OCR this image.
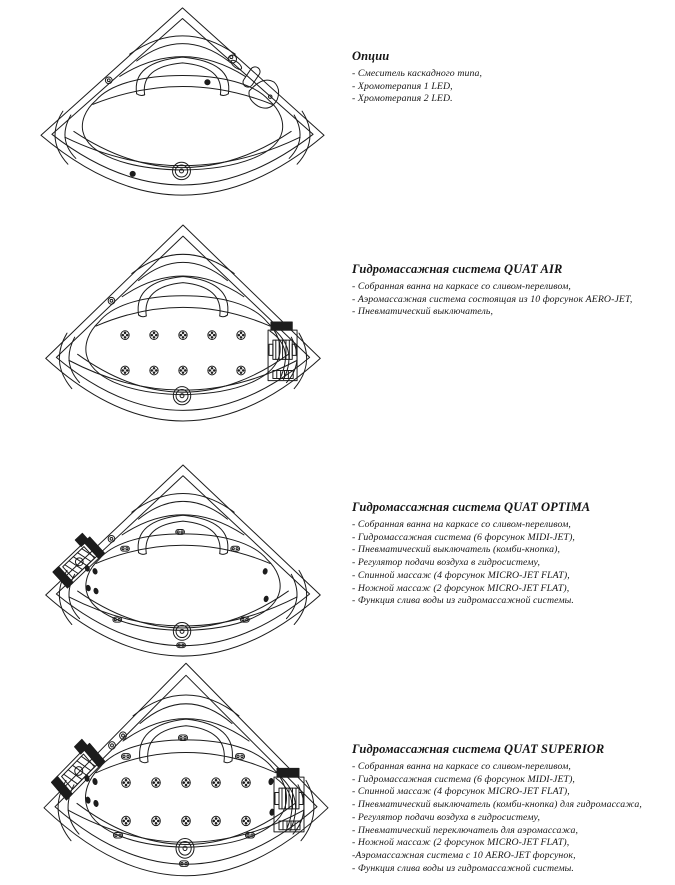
Опции
- Смеситель каскадного типа,
- Хромотерапия 1 LED,
- Хромотерапия 2 LED.
Гидромассажная система QUAT AIR
- Собранная ванна на каркасе со сливом-переливом,
- Аэромассажная система состоящая из 10 форсунок AERO-JET,
- Пневматический выключатель,
Гидромассажная система QUAT OPTIMA
- Собранная ванна на каркасе со сливом-переливом,
- Гидромассажная система (6 форсунок MIDI-JET),
- Пневматический выключатель (комби-кнопка),
- Регулятор подачи воздуха в гидросистему,
- Спинной массаж (4 форсунок MICRO-JET FLAT),
- Ножной массаж (2 форсунок MICRO-JET FLAT),
- Функция слива воды из гидромассажной системы.
Гидромассажная система QUAT SUPERIOR
- Собранная ванна на каркасе со сливом-переливом,
- Гидромассажная система (6 форсунок MIDI-JET),
- Спинной массаж (4 форсунок MICRO-JET FLAT),
- Пневматический выключатель (комби-кнопка) для гидромассажа,
- Регулятор подачи воздуха в гидросистему,
- Пневматический переключатель для аэромассажа,
- Ножной массаж (2 форсунок MICRO-JET FLAT),
-Аэромассажная система с 10 AERO-JET форсунок,
- Функция слива воды из гидромассажной системы.
